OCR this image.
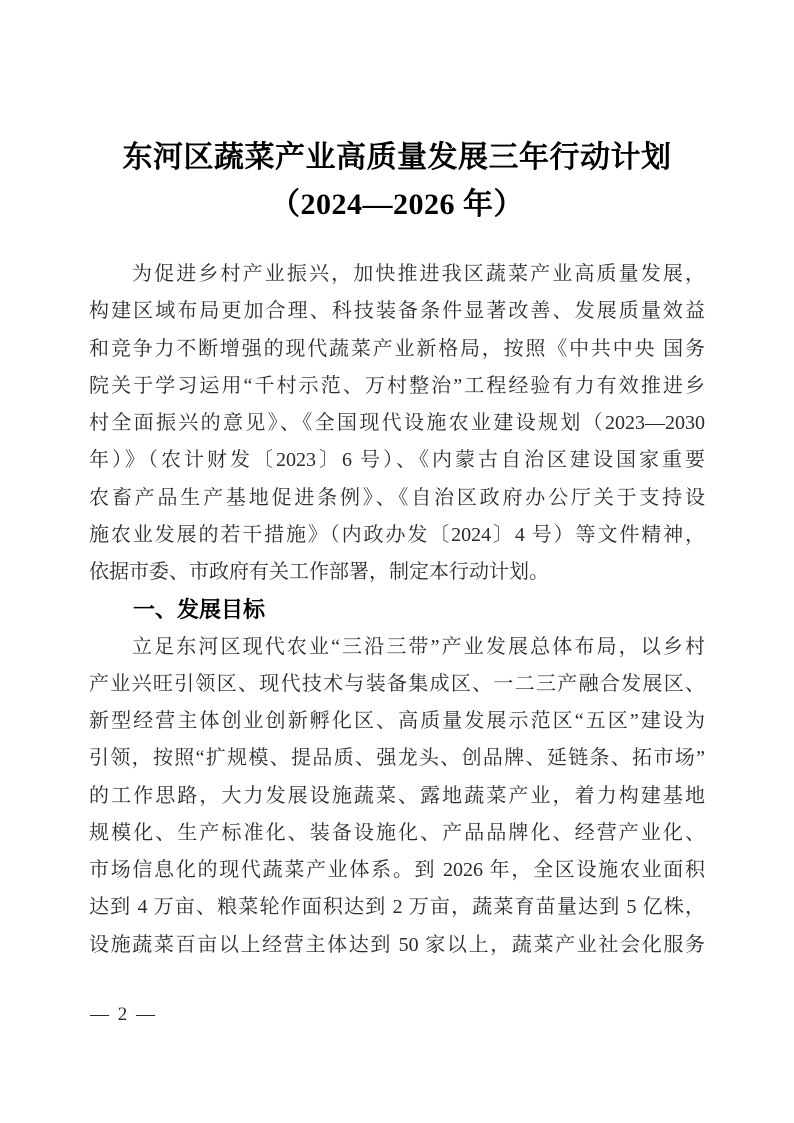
东河区蔬菜产业高质量发展三年行动计划
（2024—2026 年）
为促进乡村产业振兴，加快推进我区蔬菜产业高质量发展，
构建区域布局更加合理、科技装备条件显著改善、发展质量效益
和竞争力不断增强的现代蔬菜产业新格局，按照《中共中央 国务
院关于学习运用“千村示范、万村整治”工程经验有力有效推进乡
村全面振兴的意见》、《全国现代设施农业建设规划（2023—2030
年）》（农计财发〔2023〕6 号）、《内蒙古自治区建设国家重要
农畜产品生产基地促进条例》、《自治区政府办公厅关于支持设
施农业发展的若干措施》（内政办发〔2024〕4 号）等文件精神，
依据市委、市政府有关工作部署，制定本行动计划。
一、发展目标
立足东河区现代农业“三沿三带”产业发展总体布局，以乡村
产业兴旺引领区、现代技术与装备集成区、一二三产融合发展区、
新型经营主体创业创新孵化区、高质量发展示范区“五区”建设为
引领，按照“扩规模、提品质、强龙头、创品牌、延链条、拓市场”
的工作思路，大力发展设施蔬菜、露地蔬菜产业，着力构建基地
规模化、生产标准化、装备设施化、产品品牌化、经营产业化、
市场信息化的现代蔬菜产业体系。到 2026 年，全区设施农业面积
达到 4 万亩、粮菜轮作面积达到 2 万亩，蔬菜育苗量达到 5 亿株，
设施蔬菜百亩以上经营主体达到 50 家以上，蔬菜产业社会化服务
— 2 —
